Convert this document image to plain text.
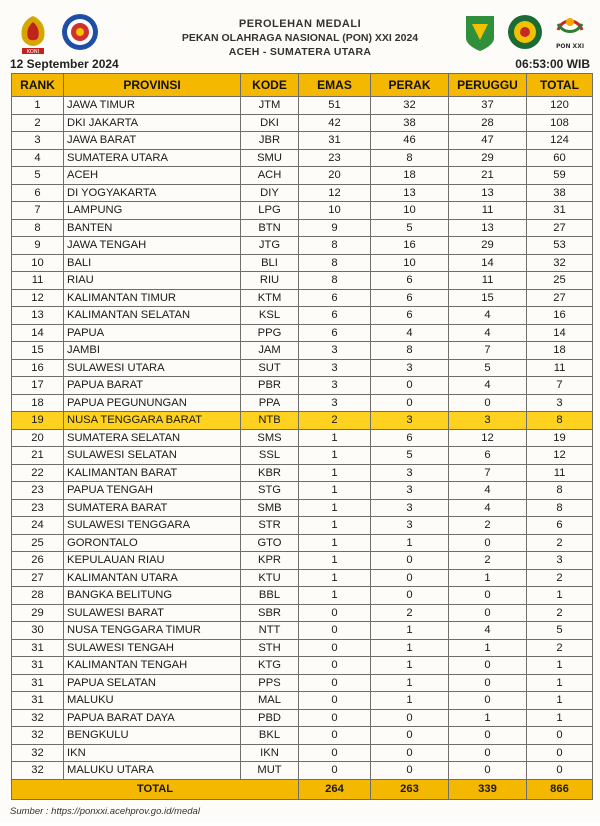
KONI
PEROLEHAN MEDALI
PEKAN OLAHRAGA NASIONAL (PON) XXI 2024
ACEH - SUMATERA UTARA	PON XXI
12 September 2024	06:53:00 WIB
RANK	PROVINSI	KODE	EMAS	PERAK	PERUGGU	TOTAL
1	JAWA TIMUR	JTM	51	32	37	120
2	DKI JAKARTA	DKI	42	38	28	108
3	JAWA BARAT	JBR	31	46	47	124
4	SUMATERA UTARA	SMU	23	8	29	60
5	ACEH	ACH	20	18	21	59
6	DI YOGYAKARTA	DIY	12	13	13	38
7	LAMPUNG	LPG	10	10	11	31
8	BANTEN	BTN	9	5	13	27
9	JAWA TENGAH	JTG	8	16	29	53
10	BALI	BLI	8	10	14	32
11	RIAU	RIU	8	6	11	25
12	KALIMANTAN TIMUR	KTM	6	6	15	27
13	KALIMANTAN SELATAN	KSL	6	6	4	16
14	PAPUA	PPG	6	4	4	14
15	JAMBI	JAM	3	8	7	18
16	SULAWESI UTARA	SUT	3	3	5	11
17	PAPUA BARAT	PBR	3	0	4	7
18	PAPUA PEGUNUNGAN	PPA	3	0	0	3
19	NUSA TENGGARA BARAT	NTB	2	3	3	8
20	SUMATERA SELATAN	SMS	1	6	12	19
21	SULAWESI SELATAN	SSL	1	5	6	12
22	KALIMANTAN BARAT	KBR	1	3	7	11
23	PAPUA TENGAH	STG	1	3	4	8
23	SUMATERA BARAT	SMB	1	3	4	8
24	SULAWESI TENGGARA	STR	1	3	2	6
25	GORONTALO	GTO	1	1	0	2
26	KEPULAUAN RIAU	KPR	1	0	2	3
27	KALIMANTAN UTARA	KTU	1	0	1	2
28	BANGKA BELITUNG	BBL	1	0	0	1
29	SULAWESI BARAT	SBR	0	2	0	2
30	NUSA TENGGARA TIMUR	NTT	0	1	4	5
31	SULAWESI TENGAH	STH	0	1	1	2
31	KALIMANTAN TENGAH	KTG	0	1	0	1
31	PAPUA SELATAN	PPS	0	1	0	1
31	MALUKU	MAL	0	1	0	1
32	PAPUA BARAT DAYA	PBD	0	0	1	1
32	BENGKULU	BKL	0	0	0	0
32	IKN	IKN	0	0	0	0
32	MALUKU UTARA	MUT	0	0	0	0
TOTAL			264	263	339	866
Sumber : https://ponxxi.acehprov.go.id/medal
